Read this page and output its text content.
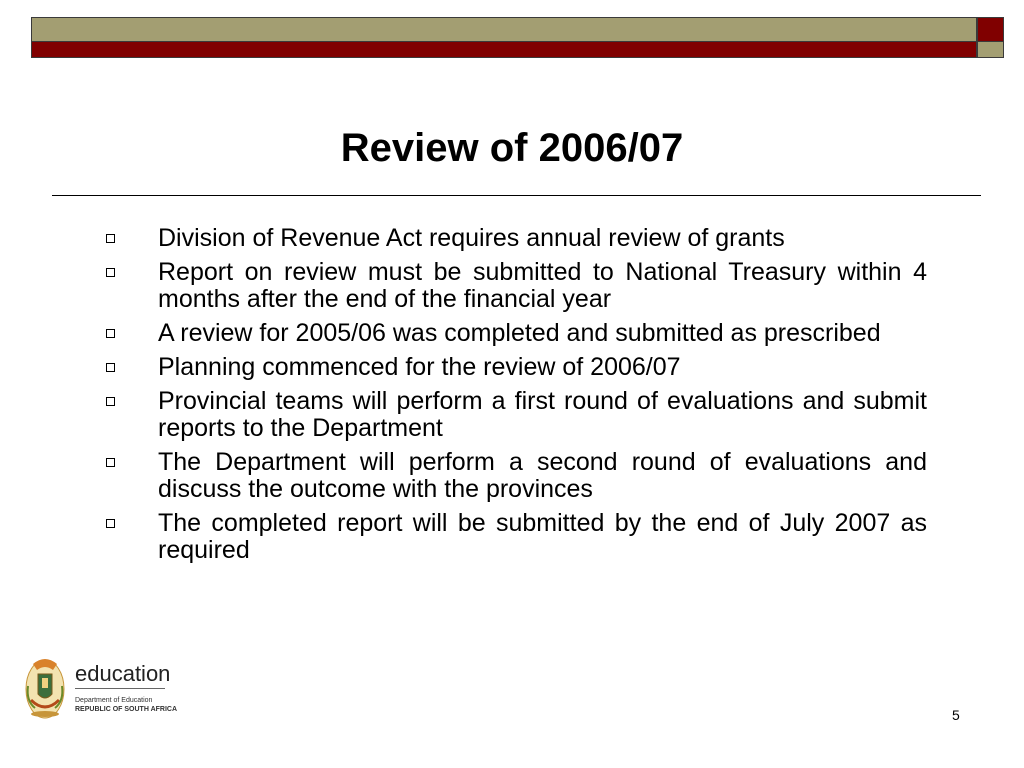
Review of 2006/07
Division of Revenue Act requires annual review of grants
Report on review must be submitted to National Treasury within 4 months after the end of the financial year
A review for 2005/06 was completed and submitted as prescribed
Planning commenced for the review of 2006/07
Provincial teams will perform a first round of evaluations and submit reports to the Department
The Department will perform a second round of evaluations and discuss the outcome with the provinces
The completed report will be submitted by the end of July 2007 as required
education
Department of Education
REPUBLIC OF SOUTH AFRICA	5
